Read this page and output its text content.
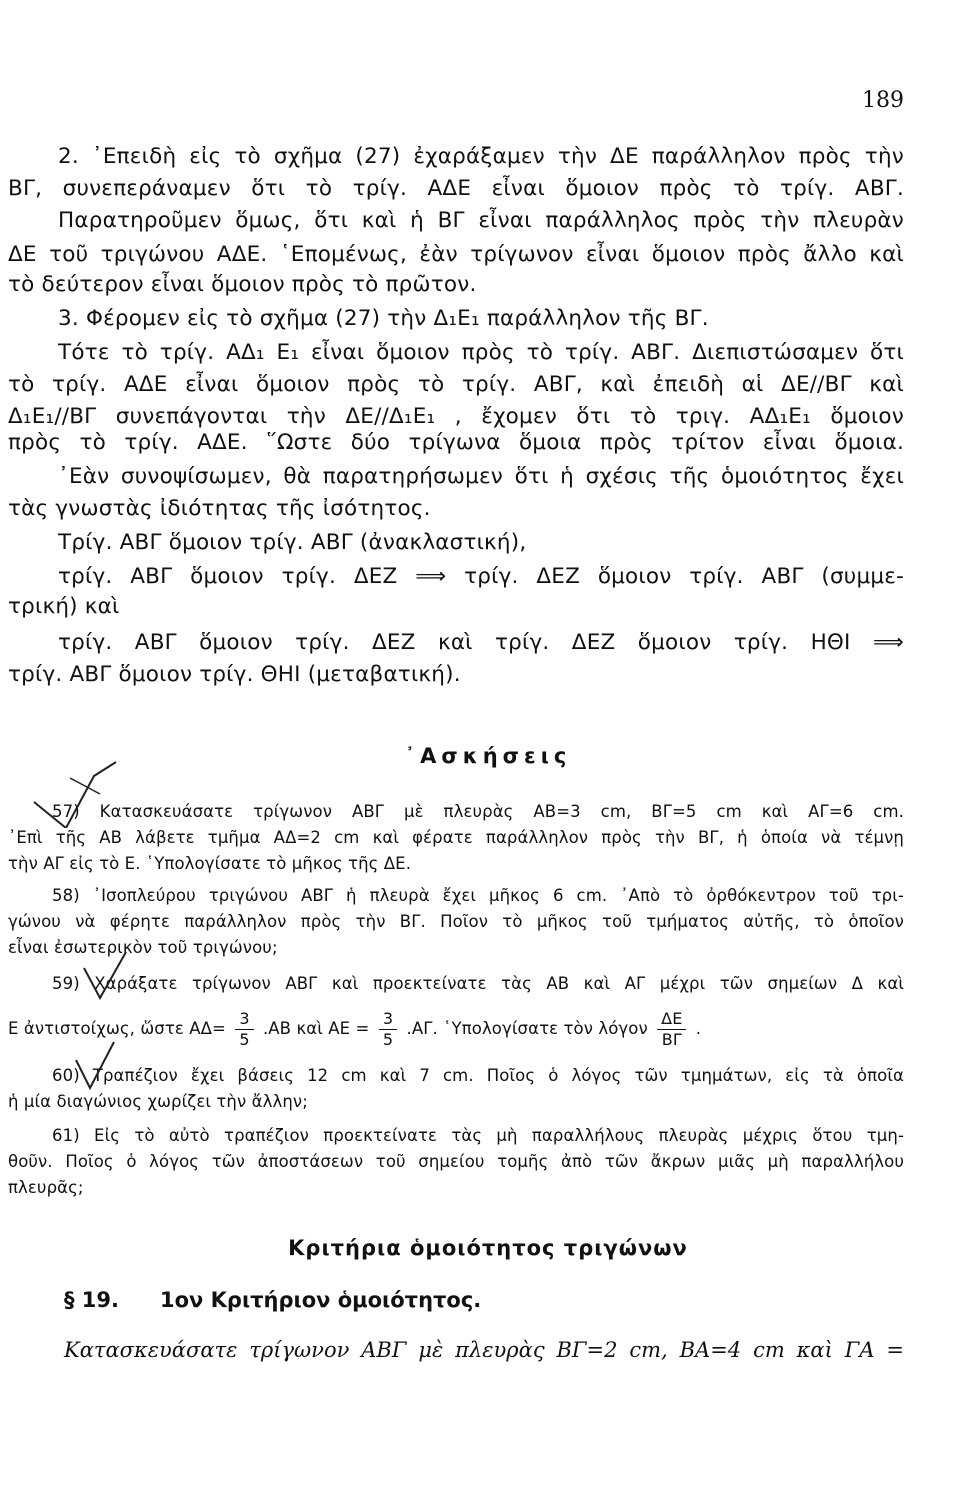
189
2. ᾿Επειδὴ εἰς τὸ σχῆμα (27) ἐχαράξαμεν τὴν ΔΕ παράλληλον πρὸς τὴν
ΒΓ, συνεπεράναμεν ὅτι τὸ τρίγ. ΑΔΕ εἶναι ὅμοιον πρὸς τὸ τρίγ. ΑΒΓ.
Παρατηροῦμεν ὅμως, ὅτι καὶ ἡ ΒΓ εἶναι παράλληλος πρὸς τὴν πλευρὰν
ΔΕ τοῦ τριγώνου ΑΔΕ. ῾Επομένως, ἐὰν τρίγωνον εἶναι ὅμοιον πρὸς ἄλλο καὶ
τὸ δεύτερον εἶναι ὅμοιον πρὸς τὸ πρῶτον.
3. Φέρομεν εἰς τὸ σχῆμα (27) τὴν Δ₁Ε₁ παράλληλον τῆς ΒΓ.
Τότε τὸ τρίγ. ΑΔ₁ Ε₁ εἶναι ὅμοιον πρὸς τὸ τρίγ. ΑΒΓ. Διεπιστώσαμεν ὅτι
τὸ τρίγ. ΑΔΕ εἶναι ὅμοιον πρὸς τὸ τρίγ. ΑΒΓ, καὶ ἐπειδὴ αἱ ΔΕ//ΒΓ καὶ
Δ₁Ε₁//ΒΓ συνεπάγονται τὴν ΔΕ//Δ₁Ε₁ , ἔχομεν ὅτι τὸ τριγ. ΑΔ₁Ε₁ ὅμοιον
πρὸς τὸ τρίγ. ΑΔΕ. ῞Ωστε δύο τρίγωνα ὅμοια πρὸς τρίτον εἶναι ὅμοια.
᾿Εὰν συνοψίσωμεν, θὰ παρατηρήσωμεν ὅτι ἡ σχέσις τῆς ὁμοιότητος ἔχει
τὰς γνωστὰς ἰδιότητας τῆς ἰσότητος.
Τρίγ. ΑΒΓ ὅμοιον τρίγ. ΑΒΓ (ἀνακλαστική),
τρίγ. ΑΒΓ ὅμοιον τρίγ. ΔΕΖ ⟹ τρίγ. ΔΕΖ ὅμοιον τρίγ. ΑΒΓ (συμμε-
τρική) καὶ
τρίγ. ΑΒΓ ὅμοιον τρίγ. ΔΕΖ καὶ τρίγ. ΔΕΖ ὅμοιον τρίγ. ΗΘΙ ⟹
τρίγ. ΑΒΓ ὅμοιον τρίγ. ΘΗΙ (μεταβατική).
᾿Ασκήσεις
57) Κατασκευάσατε τρίγωνον ΑΒΓ μὲ πλευρὰς ΑΒ=3 cm, ΒΓ=5 cm καὶ ΑΓ=6 cm.
᾿Επὶ τῆς ΑΒ λάβετε τμῆμα ΑΔ=2 cm καὶ φέρατε παράλληλον πρὸς τὴν ΒΓ, ἡ ὁποία νὰ τέμνῃ
τὴν ΑΓ εἰς τὸ Ε. ῾Υπολογίσατε τὸ μῆκος τῆς ΔΕ.
58) ᾿Ισοπλεύρου τριγώνου ΑΒΓ ἡ πλευρὰ ἔχει μῆκος 6 cm. ᾿Απὸ τὸ ὀρθόκεντρον τοῦ τρι-
γώνου νὰ φέρητε παράλληλον πρὸς τὴν ΒΓ. Ποῖον τὸ μῆκος τοῦ τμήματος αὐτῆς, τὸ ὁποῖον
εἶναι ἐσωτερικὸν τοῦ τριγώνου;
59) Χαράξατε τρίγωνον ΑΒΓ καὶ προεκτείνατε τὰς ΑΒ καὶ ΑΓ μέχρι τῶν σημείων Δ καὶ
Ε ἀντιστοίχως, ὥστε $A\Delta= \frac{3}{5} .AB$ καὶ $AE = \frac{3}{5} .A\Gamma$. ῾Υπολογίσατε τὸν λόγον $\frac{\Delta E}{B\Gamma}$ .
60) Τραπέζιον ἔχει βάσεις 12 cm καὶ 7 cm. Ποῖος ὁ λόγος τῶν τμημάτων, εἰς τὰ ὁποῖα
ἡ μία διαγώνιος χωρίζει τὴν ἄλλην;
61) Εἰς τὸ αὐτὸ τραπέζιον προεκτείνατε τὰς μὴ παραλλήλους πλευρὰς μέχρις ὅτου τμη-
θοῦν. Ποῖος ὁ λόγος τῶν ἀποστάσεων τοῦ σημείου τομῆς ἀπὸ τῶν ἄκρων μιᾶς μὴ παραλλήλου
πλευρᾶς;
Κριτήρια ὁμοιότητος τριγώνων
§ 19. 1ον Κριτήριον ὁμοιότητος.
Κατασκευάσατε τρίγωνον ΑΒΓ μὲ πλευρὰς ΒΓ=2 cm, ΒΑ=4 cm καὶ ΓΑ =
